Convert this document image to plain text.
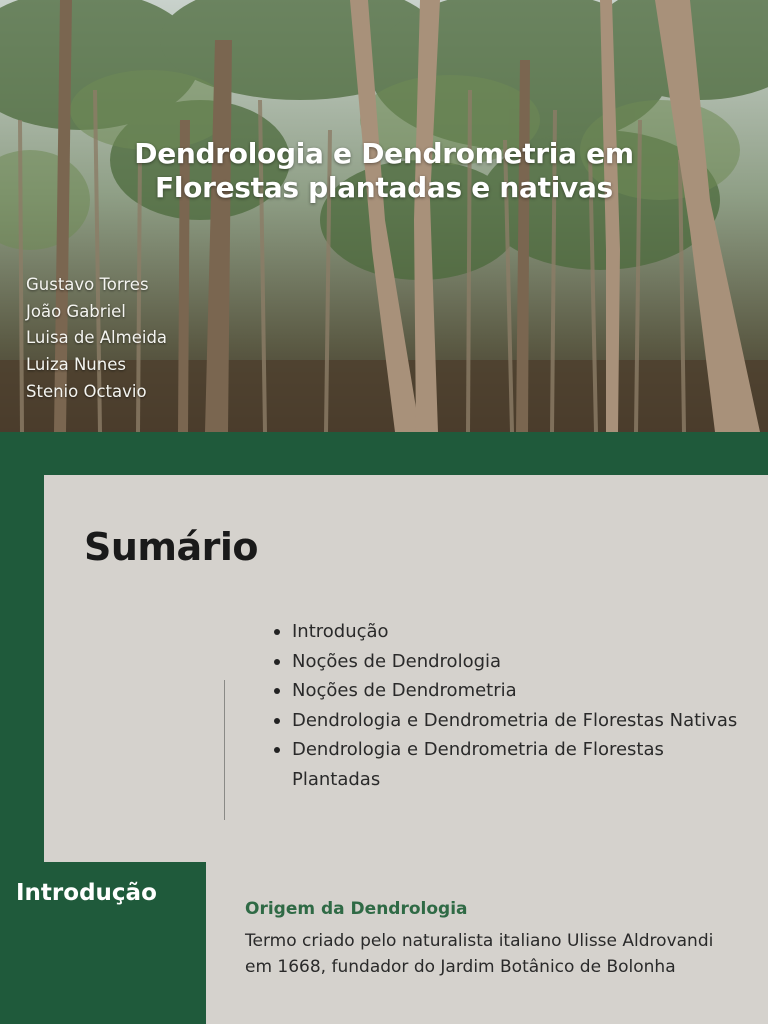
Dendrologia e Dendrometria em
Florestas plantadas e nativas
Gustavo Torres
João Gabriel
Luisa de Almeida
Luiza Nunes
Stenio Octavio
Sumário
Introdução
Noções de Dendrologia
Noções de Dendrometria
Dendrologia e Dendrometria de Florestas Nativas
Dendrologia e Dendrometria de Florestas Plantadas
Introdução
Origem da Dendrologia

Termo criado pelo naturalista italiano Ulisse Aldrovandi
em 1668, fundador do Jardim Botânico de Bolonha
